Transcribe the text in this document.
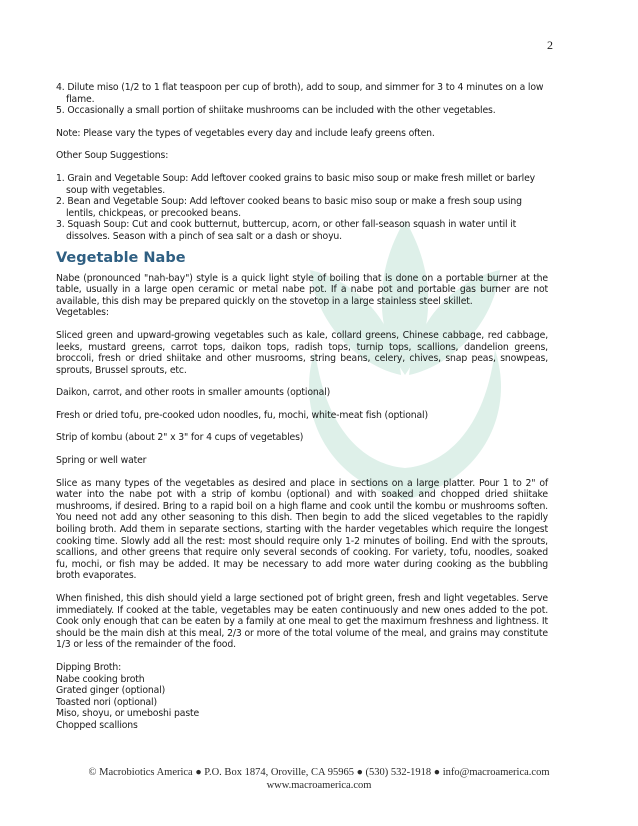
2

4. Dilute miso (1/2 to 1 flat teaspoon per cup of broth), add to soup, and simmer for 3 to 4 minutes on a low flame.

5. Occasionally a small portion of shiitake mushrooms can be included with the other vegetables.

Note: Please vary the types of vegetables every day and include leafy greens often.

Other Soup Suggestions:

1. Grain and Vegetable Soup: Add leftover cooked grains to basic miso soup or make fresh millet or barley soup with vegetables.

2. Bean and Vegetable Soup: Add leftover cooked beans to basic miso soup or make a fresh soup using lentils, chickpeas, or precooked beans.

3. Squash Soup: Cut and cook butternut, buttercup, acorn, or other fall-season squash in water until it dissolves. Season with a pinch of sea salt or a dash or shoyu.

Vegetable Nabe

Nabe (pronounced "nah-bay") style is a quick light style of boiling that is done on a portable burner at the table, usually in a large open ceramic or metal nabe pot. If a nabe pot and portable gas burner are not available, this dish may be prepared quickly on the stovetop in a large stainless steel skillet.

Vegetables:

Sliced green and upward-growing vegetables such as kale, collard greens, Chinese cabbage, red cabbage, leeks, mustard greens, carrot tops, daikon tops, radish tops, turnip tops, scallions, dandelion greens, broccoli, fresh or dried shiitake and other musrooms, string beans, celery, chives, snap peas, snowpeas, sprouts, Brussel sprouts, etc.

Daikon, carrot, and other roots in smaller amounts (optional)

Fresh or dried tofu, pre-cooked udon noodles, fu, mochi, white-meat fish (optional)

Strip of kombu (about 2" x 3" for 4 cups of vegetables)

Spring or well water

Slice as many types of the vegetables as desired and place in sections on a large platter. Pour 1 to 2" of water into the nabe pot with a strip of kombu (optional) and with soaked and chopped dried shiitake mushrooms, if desired. Bring to a rapid boil on a high flame and cook until the kombu or mushrooms soften. You need not add any other seasoning to this dish. Then begin to add the sliced vegetables to the rapidly boiling broth. Add them in separate sections, starting with the harder vegetables which require the longest cooking time. Slowly add all the rest: most should require only 1-2 minutes of boiling. End with the sprouts, scallions, and other greens that require only several seconds of cooking. For variety, tofu, noodles, soaked fu, mochi, or fish may be added. It may be necessary to add more water during cooking as the bubbling broth evaporates.

When finished, this dish should yield a large sectioned pot of bright green, fresh and light vegetables. Serve immediately. If cooked at the table, vegetables may be eaten continuously and new ones added to the pot. Cook only enough that can be eaten by a family at one meal to get the maximum freshness and lightness. It should be the main dish at this meal, 2/3 or more of the total volume of the meal, and grains may constitute 1/3 or less of the remainder of the food.

Dipping Broth:

Nabe cooking broth

Grated ginger (optional)

Toasted nori (optional)

Miso, shoyu, or umeboshi paste

Chopped scallions

© Macrobiotics America ● P.O. Box 1874, Oroville, CA 95965 ● (530) 532-1918 ● info@macroamerica.com
www.macroamerica.com
